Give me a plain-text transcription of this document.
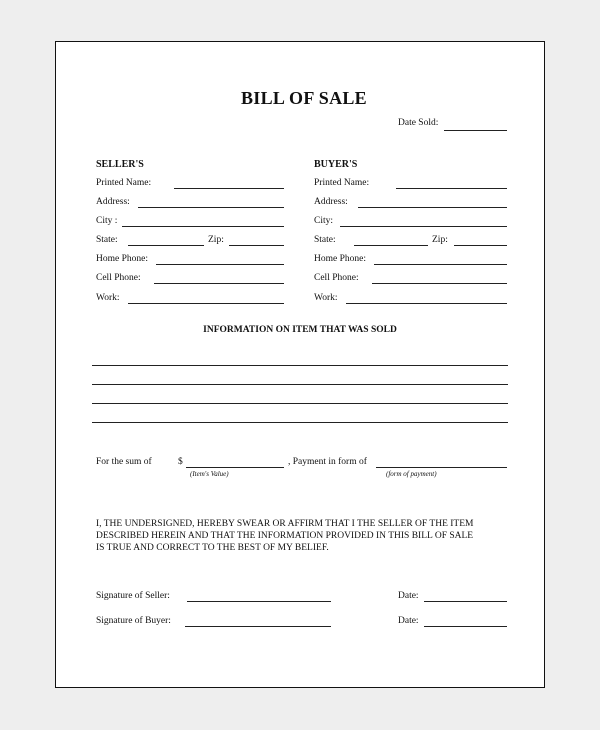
BILL OF SALE
Date Sold:
SELLER'S
Printed Name:
Address:
City :
State:	Zip:
Home Phone:
Cell Phone:
Work:
BUYER'S
Printed Name:
Address:
City:
State:	Zip:
Home Phone:
Cell Phone:
Work:
INFORMATION ON ITEM THAT WAS SOLD
For the sum of	$
(Item's Value)
, Payment in form of
(form of payment)
I, THE UNDERSIGNED, HEREBY SWEAR OR AFFIRM THAT I THE SELLER OF THE ITEM
DESCRIBED HEREIN AND THAT THE INFORMATION PROVIDED IN THIS BILL OF SALE
IS TRUE AND CORRECT TO THE BEST OF MY BELIEF.
Signature of Seller:	Date:
Signature of Buyer:	Date:
